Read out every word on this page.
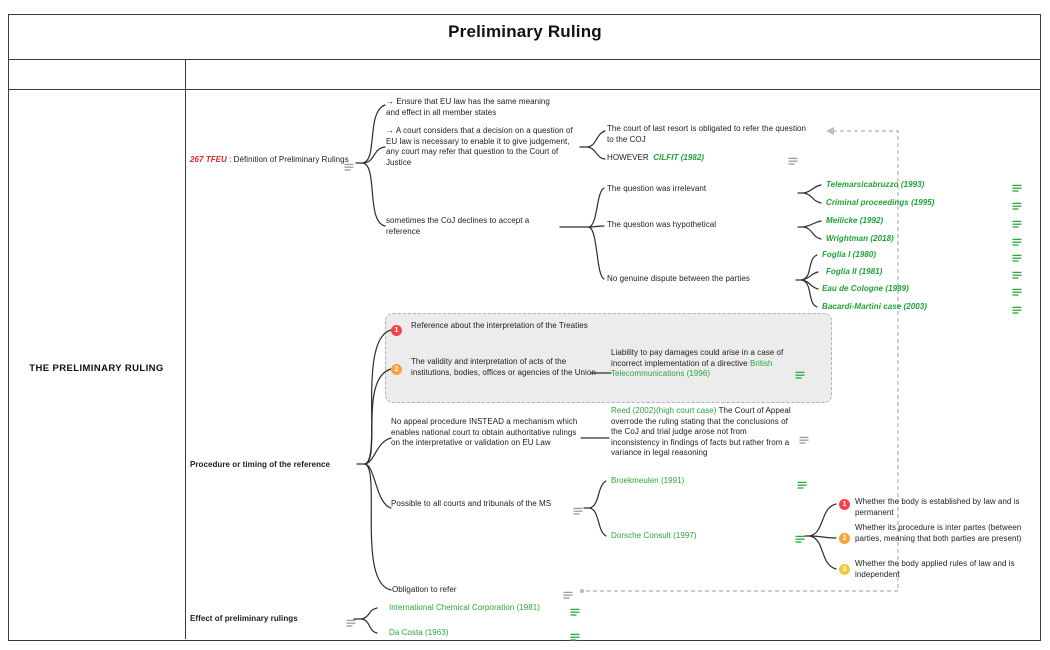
Preliminary Ruling
THE PRELIMINARY RULING
267 TFEU : Définition of Preliminary Rulings
→ Ensure that EU law has the same meaning and effect in all member states
→ A court considers that a decision on a question of EU law is necessary to enable it to give judgement, any court may refer that question to the Court of Justice
sometimes the CoJ declines to accept a reference
The court of last resort is obligated to refer the question to the COJ
HOWEVER CILFIT (1982)
The question was irrelevant
The question was hypothetical
No genuine dispute between the parties
Telemarsicabruzzo (1993)
Criminal proceedings (1995)
Meilicke (1992)
Wrightman (2018)
Foglia I (1980)
Foglia II (1981)
Eau de Cologne (1989)
Bacardi-Martini case (2003)
1
Reference about the interpretation of the Treaties
2
The validity and interpretation of acts of the institutions, bodies, offices or agencies of the Union
Liability to pay damages could arise in a case of incorrect implementation of a directive British Telecommunications (1996)
Procedure or timing of the reference
No appeal procedure INSTEAD a mechanism which enables national court to obtain authoritative rulings on the interpretative or validation on EU Law
Reed (2002)(high court case) The Court of Appeal overrode the ruling stating that the conclusions of the CoJ and trial judge arose not from inconsistency in findings of facts but rather from a variance in legal reasoning
Possible to all courts and tribunals of the MS
Broekmeulen (1991)
Dorsche Consult (1997)
1	Whether the body is established by law and is permanent
2
Whether its procedure is inter partes (between parties, meaning that both parties are present)
3
Whether the body applied rules of law and is independent
Obligation to refer
Effect of preliminary rulings
International Chemical Corporation (1981)
Da Costa (1963)
